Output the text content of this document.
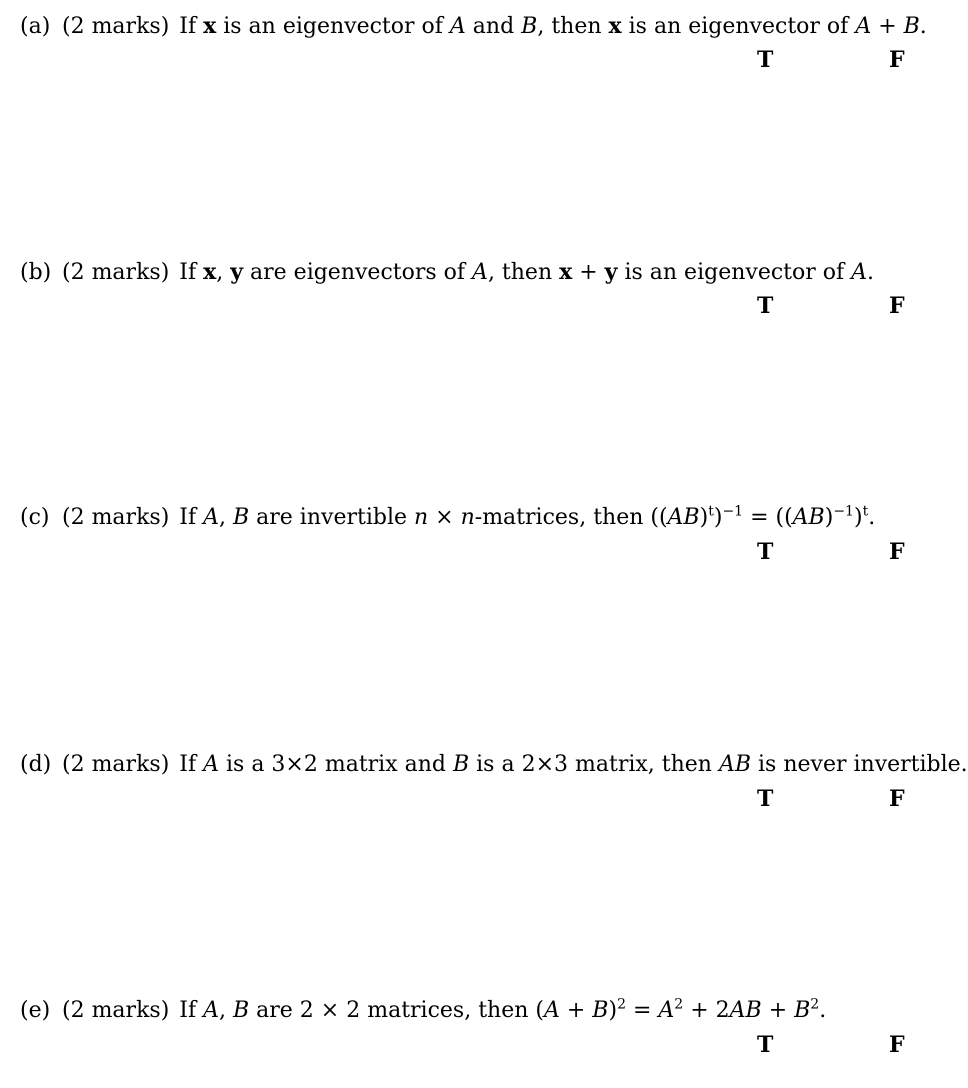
(a) (2 marks) If x is an eigenvector of A and B, then x is an eigenvector of A + B.
T	F
(b) (2 marks) If x, y are eigenvectors of A, then x + y is an eigenvector of A.
T	F
(c) (2 marks) If A, B are invertible n × n-matrices, then $((AB)^t)^{-1} = ((AB)^{-1})^t$.
T	F
(d) (2 marks) If A is a 3×2 matrix and B is a 2×3 matrix, then AB is never invertible.
T	F
(e) (2 marks) If A, B are 2 × 2 matrices, then $(A + B)^2 = A^2 + 2AB + B^2$.
T	F
